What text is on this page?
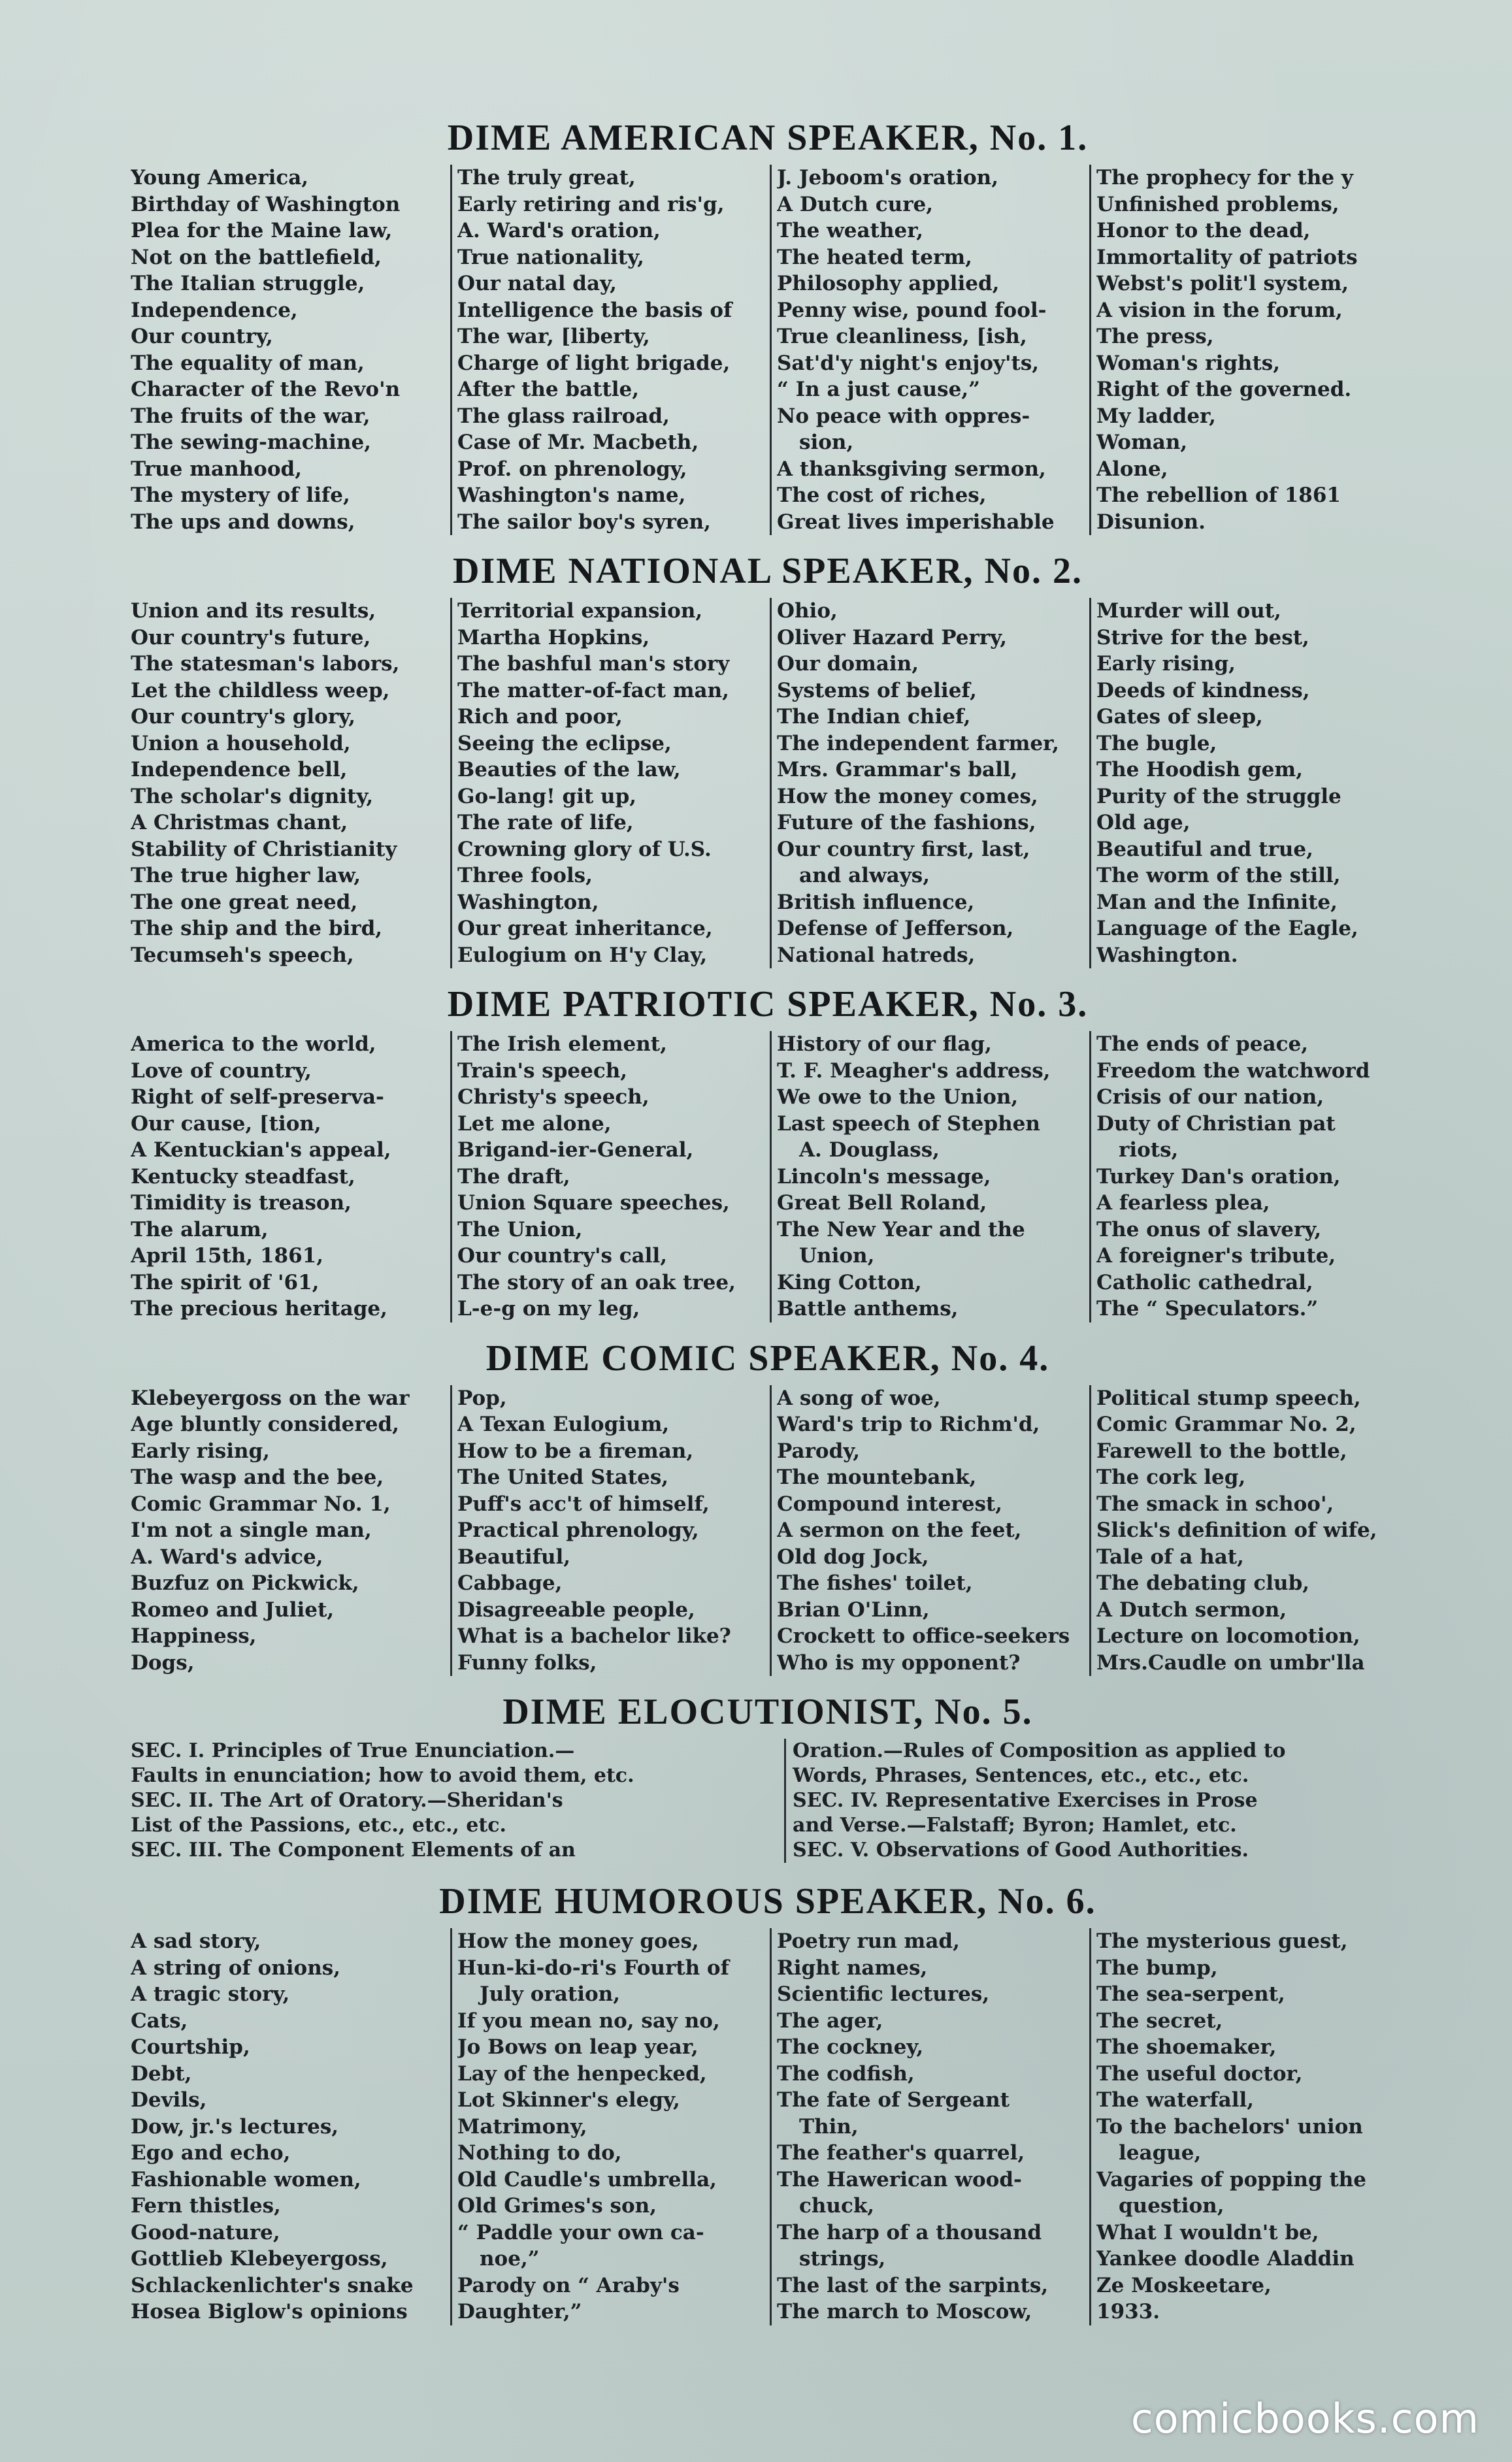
DIME AMERICAN SPEAKER, No. 1.
Young America,
Birthday of Washington
Plea for the Maine law,
Not on the battlefield,
The Italian struggle,
Independence,
Our country,
The equality of man,
Character of the Revo'n
The fruits of the war,
The sewing-machine,
True manhood,
The mystery of life,
The ups and downs,
The truly great,
Early retiring and ris'g,
A. Ward's oration,
True nationality,
Our natal day,
Intelligence the basis of
The war, [liberty,
Charge of light brigade,
After the battle,
The glass railroad,
Case of Mr. Macbeth,
Prof. on phrenology,
Washington's name,
The sailor boy's syren,
J. Jeboom's oration,
A Dutch cure,
The weather,
The heated term,
Philosophy applied,
Penny wise, pound fool-
True cleanliness, [ish,
Sat'd'y night's enjoy'ts,
“ In a just cause,”
No peace with oppres-
sion,
A thanksgiving sermon,
The cost of riches,
Great lives imperishable
The prophecy for the y
Unfinished problems,
Honor to the dead,
Immortality of patriots
Webst's polit'l system,
A vision in the forum,
The press,
Woman's rights,
Right of the governed.
My ladder,
Woman,
Alone,
The rebellion of 1861
Disunion.
DIME NATIONAL SPEAKER, No. 2.
Union and its results,
Our country's future,
The statesman's labors,
Let the childless weep,
Our country's glory,
Union a household,
Independence bell,
The scholar's dignity,
A Christmas chant,
Stability of Christianity
The true higher law,
The one great need,
The ship and the bird,
Tecumseh's speech,
Territorial expansion,
Martha Hopkins,
The bashful man's story
The matter-of-fact man,
Rich and poor,
Seeing the eclipse,
Beauties of the law,
Go-lang! git up,
The rate of life,
Crowning glory of U.S.
Three fools,
Washington,
Our great inheritance,
Eulogium on H'y Clay,
Ohio,
Oliver Hazard Perry,
Our domain,
Systems of belief,
The Indian chief,
The independent farmer,
Mrs. Grammar's ball,
How the money comes,
Future of the fashions,
Our country first, last,
and always,
British influence,
Defense of Jefferson,
National hatreds,
Murder will out,
Strive for the best,
Early rising,
Deeds of kindness,
Gates of sleep,
The bugle,
The Hoodish gem,
Purity of the struggle
Old age,
Beautiful and true,
The worm of the still,
Man and the Infinite,
Language of the Eagle,
Washington.
DIME PATRIOTIC SPEAKER, No. 3.
America to the world,
Love of country,
Right of self-preserva-
Our cause, [tion,
A Kentuckian's appeal,
Kentucky steadfast,
Timidity is treason,
The alarum,
April 15th, 1861,
The spirit of '61,
The precious heritage,
The Irish element,
Train's speech,
Christy's speech,
Let me alone,
Brigand-ier-General,
The draft,
Union Square speeches,
The Union,
Our country's call,
The story of an oak tree,
L-e-g on my leg,
History of our flag,
T. F. Meagher's address,
We owe to the Union,
Last speech of Stephen
A. Douglass,
Lincoln's message,
Great Bell Roland,
The New Year and the
Union,
King Cotton,
Battle anthems,
The ends of peace,
Freedom the watchword
Crisis of our nation,
Duty of Christian pat
riots,
Turkey Dan's oration,
A fearless plea,
The onus of slavery,
A foreigner's tribute,
Catholic cathedral,
The “ Speculators.”
DIME COMIC SPEAKER, No. 4.
Klebeyergoss on the war
Age bluntly considered,
Early rising,
The wasp and the bee,
Comic Grammar No. 1,
I'm not a single man,
A. Ward's advice,
Buzfuz on Pickwick,
Romeo and Juliet,
Happiness,
Dogs,
Pop,
A Texan Eulogium,
How to be a fireman,
The United States,
Puff's acc't of himself,
Practical phrenology,
Beautiful,
Cabbage,
Disagreeable people,
What is a bachelor like?
Funny folks,
A song of woe,
Ward's trip to Richm'd,
Parody,
The mountebank,
Compound interest,
A sermon on the feet,
Old dog Jock,
The fishes' toilet,
Brian O'Linn,
Crockett to office-seekers
Who is my opponent?
Political stump speech,
Comic Grammar No. 2,
Farewell to the bottle,
The cork leg,
The smack in schoo',
Slick's definition of wife,
Tale of a hat,
The debating club,
A Dutch sermon,
Lecture on locomotion,
Mrs.Caudle on umbr'lla
DIME ELOCUTIONIST, No. 5.
SEC. I. Principles of True Enunciation.—	Oration.—Rules of Composition as applied to
Faults in enunciation; how to avoid them, etc.	Words, Phrases, Sentences, etc., etc., etc.
SEC. II. The Art of Oratory.—Sheridan's	SEC. IV. Representative Exercises in Prose
List of the Passions, etc., etc., etc.	and Verse.—Falstaff; Byron; Hamlet, etc.
SEC. III. The Component Elements of an	SEC. V. Observations of Good Authorities.
DIME HUMOROUS SPEAKER, No. 6.
A sad story,
A string of onions,
A tragic story,
Cats,
Courtship,
Debt,
Devils,
Dow, jr.'s lectures,
Ego and echo,
Fashionable women,
Fern thistles,
Good-nature,
Gottlieb Klebeyergoss,
Schlackenlichter's snake
Hosea Biglow's opinions
How the money goes,
Hun-ki-do-ri's Fourth of
July oration,
If you mean no, say no,
Jo Bows on leap year,
Lay of the henpecked,
Lot Skinner's elegy,
Matrimony,
Nothing to do,
Old Caudle's umbrella,
Old Grimes's son,
“ Paddle your own ca-
noe,”
Parody on “ Araby's
Daughter,”
Poetry run mad,
Right names,
Scientific lectures,
The ager,
The cockney,
The codfish,
The fate of Sergeant
Thin,
The feather's quarrel,
The Hawerican wood-
chuck,
The harp of a thousand
strings,
The last of the sarpints,
The march to Moscow,
The mysterious guest,
The bump,
The sea-serpent,
The secret,
The shoemaker,
The useful doctor,
The waterfall,
To the bachelors' union
league,
Vagaries of popping the
question,
What I wouldn't be,
Yankee doodle Aladdin
Ze Moskeetare,
1933.
comicbooks.com
